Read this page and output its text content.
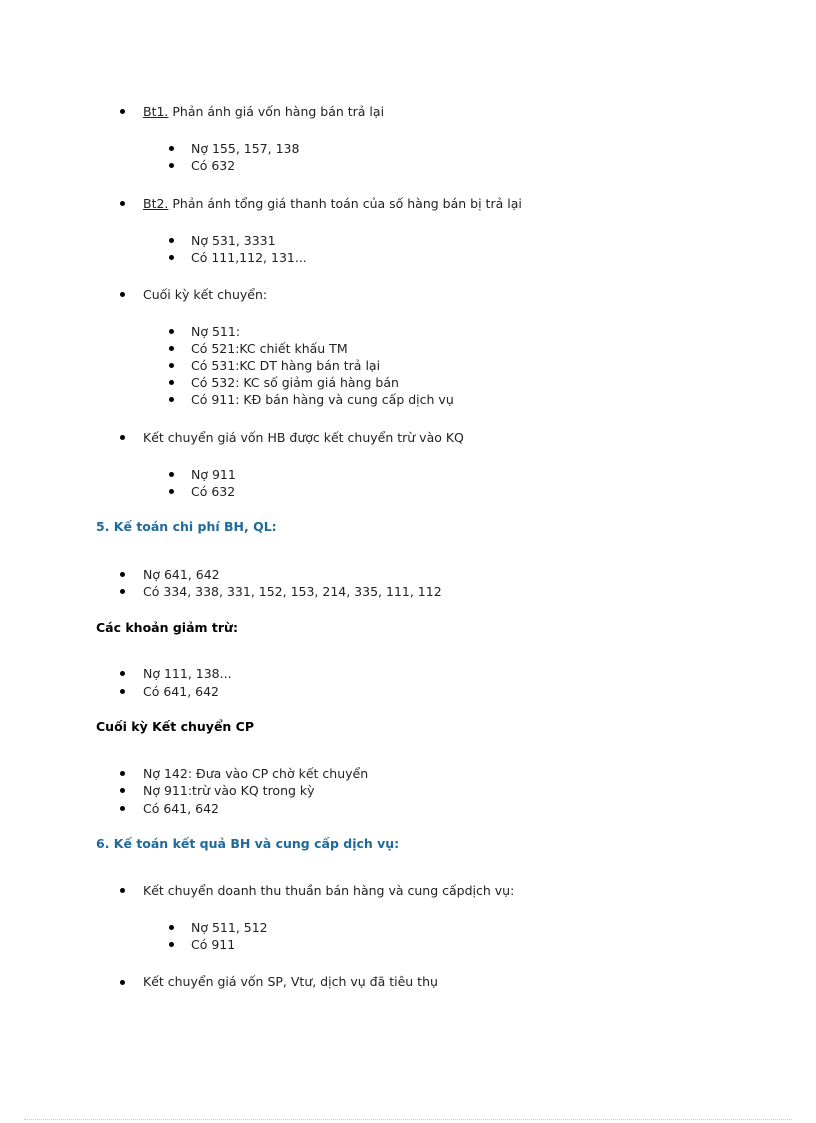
Bt1. Phản ánh giá vốn hàng bán trả lại
Nợ 155, 157, 138
Có 632
Bt2. Phản ánh tổng giá thanh toán của số hàng bán bị trả lại
Nợ 531, 3331
Có 111,112, 131...
Cuối kỳ kết chuyển:
Nợ 511:
Có 521:KC chiết khấu TM
Có 531:KC DT hàng bán trả lại
Có 532: KC số giảm giá hàng bán
Có 911: KĐ bán hàng và cung cấp dịch vụ
Kết chuyển giá vốn HB được kết chuyển trừ vào KQ
Nợ 911
Có 632
5. Kế toán chi phí BH, QL:
Nợ 641, 642
Có 334, 338, 331, 152, 153, 214, 335, 111, 112
Các khoản giảm trừ:
Nợ 111, 138...
Có 641, 642
Cuối kỳ Kết chuyển CP
Nợ 142: Đưa vào CP chờ kết chuyển
Nợ 911:trừ vào KQ trong kỳ
Có 641, 642
6. Kế toán kết quả BH và cung cấp dịch vụ:
Kết chuyển doanh thu thuần bán hàng và cung cấpdịch vụ:
Nợ 511, 512
Có 911
Kết chuyển giá vốn SP, Vtư, dịch vụ đã tiêu thụ
